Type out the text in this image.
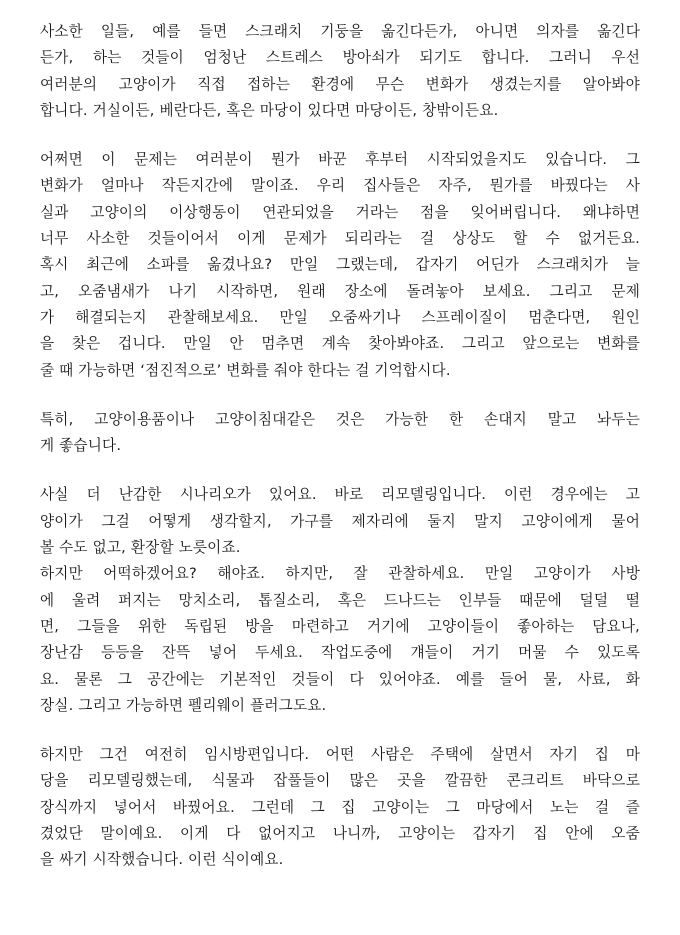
사소한 일들, 예를 들면 스크래치 기둥을 옮긴다든가, 아니면 의자를 옮긴다
든가, 하는 것들이 엄청난 스트레스 방아쇠가 되기도 합니다. 그러니 우선
여러분의 고양이가 직접 접하는 환경에 무슨 변화가 생겼는지를 알아봐야
합니다. 거실이든, 베란다든, 혹은 마당이 있다면 마당이든, 창밖이든요.

어쩌면 이 문제는 여러분이 뭔가 바꾼 후부터 시작되었을지도 있습니다. 그
변화가 얼마나 작든지간에 말이죠. 우리 집사들은 자주, 뭔가를 바꿨다는 사
실과 고양이의 이상행동이 연관되었을 거라는 점을 잊어버립니다. 왜냐하면
너무 사소한 것들이어서 이게 문제가 되리라는 걸 상상도 할 수 없거든요.
혹시 최근에 소파를 옮겼나요? 만일 그랬는데, 갑자기 어딘가 스크래치가 늘
고, 오줌냄새가 나기 시작하면, 원래 장소에 돌려놓아 보세요. 그리고 문제
가 해결되는지 관찰해보세요. 만일 오줌싸기나 스프레이질이 멈춘다면, 원인
을 찾은 겁니다. 만일 안 멈추면 계속 찾아봐야죠. 그리고 앞으로는 변화를
줄 때 가능하면 ‘점진적으로’ 변화를 줘야 한다는 걸 기억합시다.

특히, 고양이용품이나 고양이침대같은 것은 가능한 한 손대지 말고 놔두는
게 좋습니다.

사실 더 난감한 시나리오가 있어요. 바로 리모델링입니다. 이런 경우에는 고
양이가 그걸 어떻게 생각할지, 가구를 제자리에 둘지 말지 고양이에게 물어
볼 수도 없고, 환장할 노릇이죠.

하지만 어떡하겠어요? 해야죠. 하지만, 잘 관찰하세요. 만일 고양이가 사방
에 울려 퍼지는 망치소리, 톱질소리, 혹은 드나드는 인부들 때문에 덜덜 떨
면, 그들을 위한 독립된 방을 마련하고 거기에 고양이들이 좋아하는 담요나,
장난감 등등을 잔뜩 넣어 두세요. 작업도중에 걔들이 거기 머물 수 있도록
요. 물론 그 공간에는 기본적인 것들이 다 있어야죠. 예를 들어 물, 사료, 화
장실. 그리고 가능하면 펠리웨이 플러그도요.

하지만 그건 여전히 임시방편입니다. 어떤 사람은 주택에 살면서 자기 집 마
당을 리모델링했는데, 식물과 잡풀들이 많은 곳을 깔끔한 콘크리트 바닥으로
장식까지 넣어서 바꿨어요. 그런데 그 집 고양이는 그 마당에서 노는 걸 즐
겼었단 말이예요. 이게 다 없어지고 나니까, 고양이는 갑자기 집 안에 오줌
을 싸기 시작했습니다. 이런 식이예요.
